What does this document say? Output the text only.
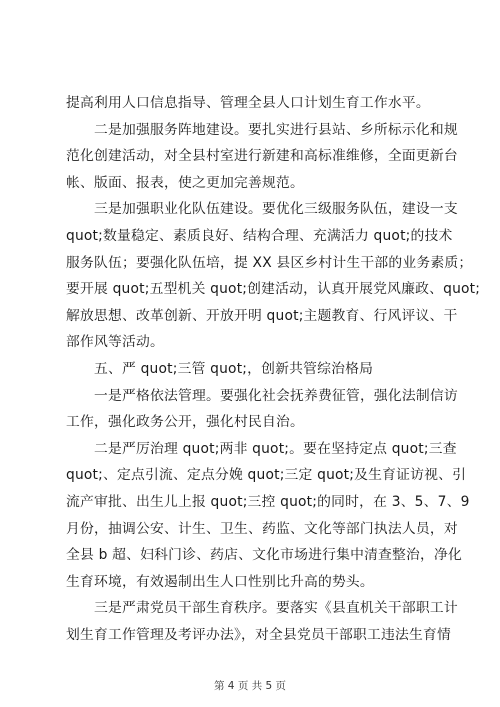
提高利用人口信息指导、管理全县人口计划生育工作水平。
二是加强服务阵地建设。要扎实进行县站、乡所标示化和规
范化创建活动，对全县村室进行新建和高标准维修，全面更新台
帐、版面、报表，使之更加完善规范。
三是加强职业化队伍建设。要优化三级服务队伍，建设一支
quot;数量稳定、素质良好、结构合理、充满活力 quot;的技术
服务队伍；要强化队伍培，提 XX 县区乡村计生干部的业务素质；
要开展 quot;五型机关 quot;创建活动，认真开展党风廉政、quot;
解放思想、改革创新、开放开明 quot;主题教育、行风评议、干
部作风等活动。
五、严 quot;三管 quot;，创新共管综治格局
一是严格依法管理。要强化社会抚养费征管，强化法制信访
工作，强化政务公开，强化村民自治。
二是严厉治理 quot;两非 quot;。要在坚持定点 quot;三查
quot;、定点引流、定点分娩 quot;三定 quot;及生育证访视、引
流产审批、出生儿上报 quot;三控 quot;的同时，在 3、5、7、9
月份，抽调公安、计生、卫生、药监、文化等部门执法人员，对
全县 b 超、妇科门诊、药店、文化市场进行集中清查整治，净化
生育环境，有效遏制出生人口性别比升高的势头。
三是严肃党员干部生育秩序。要落实《县直机关干部职工计
划生育工作管理及考评办法》，对全县党员干部职工违法生育情
第 4 页 共 5 页
